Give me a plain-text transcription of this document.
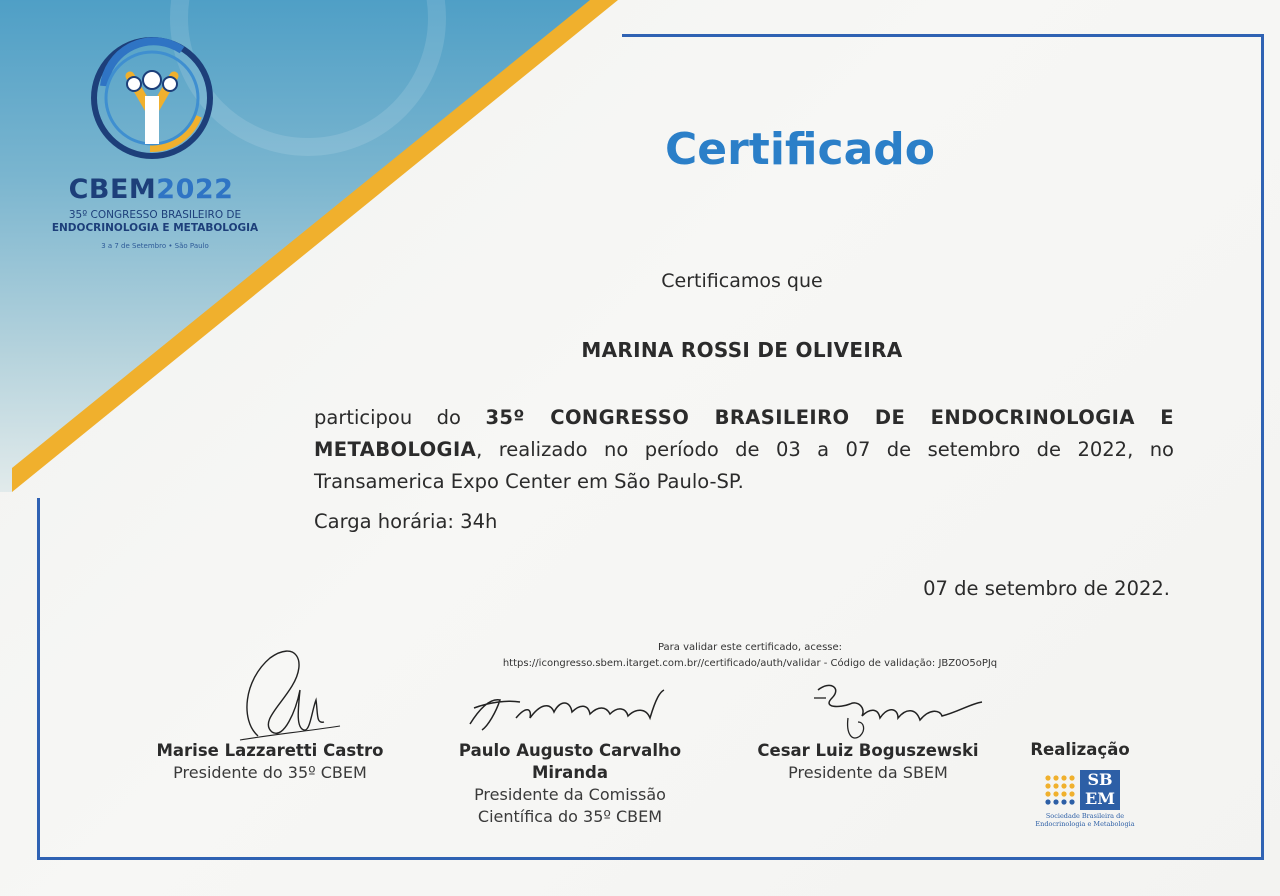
CBEM2022
35º CONGRESSO BRASILEIRO DE
ENDOCRINOLOGIA E METABOLOGIA
3 a 7 de Setembro • São Paulo
Certificado
Certificamos que
MARINA ROSSI DE OLIVEIRA
participou do 35º CONGRESSO BRASILEIRO DE ENDOCRINOLOGIA E METABOLOGIA, realizado no período de 03 a 07 de setembro de 2022, no Transamerica Expo Center em São Paulo-SP.
Carga horária: 34h
07 de setembro de 2022.
Para validar este certificado, acesse:
https://icongresso.sbem.itarget.com.br//certificado/auth/validar - Código de validação: JBZ0O5oPJq
Marise Lazzaretti Castro
Presidente do 35º CBEM
Paulo Augusto Carvalho Miranda
Presidente da Comissão Científica do 35º CBEM
Cesar Luiz Boguszewski
Presidente da SBEM
Realização
SB
EM
Sociedade Brasileira de Endocrinologia e Metabologia
